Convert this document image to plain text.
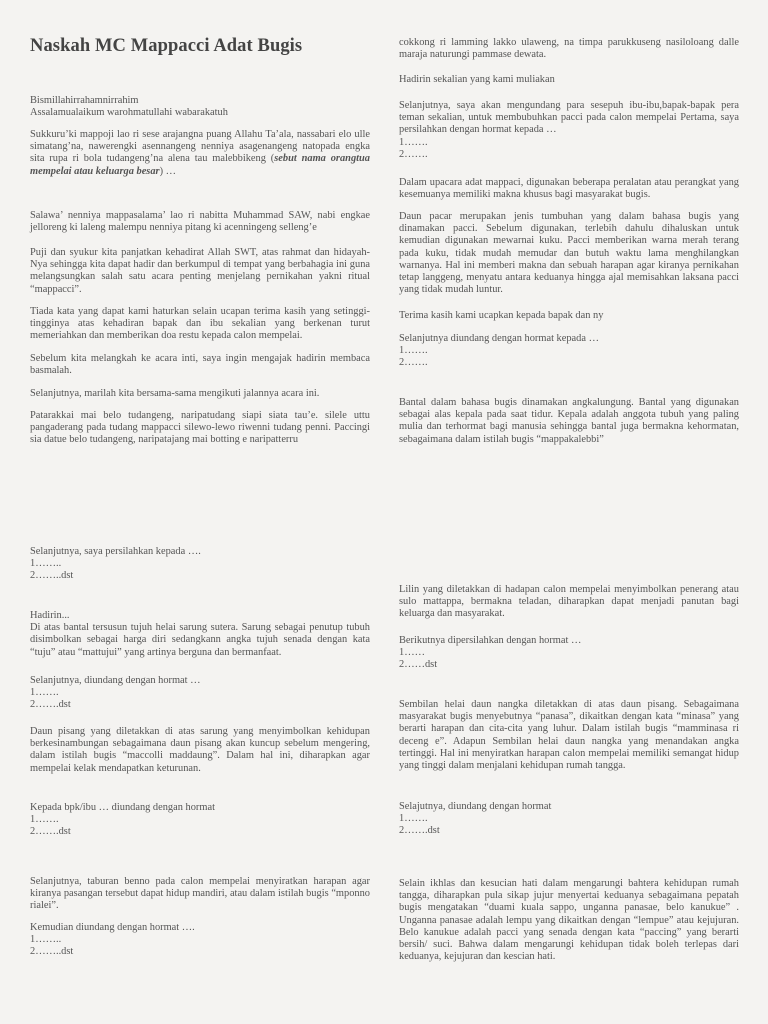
Naskah MC Mappacci Adat Bugis
Bismillahirrahamnirrahim
Assalamualaikum warohmatullahi wabarakatuh

Sukkuru’ki mappoji lao ri sese arajangna puang Allahu Ta’ala, nassabari elo ulle simatang’na, nawerengki asennangeng nenniya asagenangeng natopada engka sita rupa ri bola tudangeng’na alena tau malebbikeng (sebut nama orangtua mempelai atau keluarga besar) …

Salawa’ nenniya mappasalama’ lao ri nabitta Muhammad SAW, nabi engkae jelloreng ki laleng malempu nenniya pitang ki acenningeng selleng’e

Puji dan syukur kita panjatkan kehadirat Allah SWT, atas rahmat dan hidayah-Nya sehingga kita dapat hadir dan berkumpul di tempat yang berbahagia ini guna melangsungkan salah satu acara penting menjelang pernikahan yakni ritual “mappacci”.

Tiada kata yang dapat kami haturkan selain ucapan terima kasih yang setinggi-tingginya atas kehadiran bapak dan ibu sekalian yang berkenan turut memeriahkan dan memberikan doa restu kepada calon mempelai.

Sebelum kita melangkah ke acara inti, saya ingin mengajak hadirin membaca basmalah.

Selanjutnya, marilah kita bersama-sama mengikuti jalannya acara ini.

Patarakkai mai belo tudangeng, naripatudang siapi siata tau’e. silele uttu pangaderang pada tudang mappacci silewo-lewo riwenni tudang penni. Paccingi sia datue belo tudangeng, naripatajang mai botting e naripatterru

Selanjutnya, saya persilahkan kepada ….
1……..
2……..dst
Hadirin...
Di atas bantal tersusun tujuh helai sarung sutera. Sarung sebagai penutup tubuh disimbolkan sebagai harga diri sedangkann angka tujuh senada dengan kata “tuju” atau “mattujui” yang artinya berguna dan bermanfaat.
Selanjutnya, diundang dengan hormat …
1…….
2…….dst

Daun pisang yang diletakkan di atas sarung yang menyimbolkan kehidupan berkesinambungan sebagaimana daun pisang akan kuncup sebelum mengering, dalam istilah bugis “maccolli maddaung”. Dalam hal ini, diharapkan agar mempelai kelak mendapatkan keturunan.

Kepada bpk/ibu … diundang dengan hormat
1…….
2…….dst

Selanjutnya, taburan benno pada calon mempelai menyiratkan harapan agar kiranya pasangan tersebut dapat hidup mandiri, atau dalam istilah bugis “mponno rialei”.

Kemudian diundang dengan hormat ….
1……..
2……..dst

cokkong ri lamming lakko ulaweng, na timpa parukkuseng nasiloloang dalle maraja naturungi pammase dewata.

Hadirin sekalian yang kami muliakan

Selanjutnya, saya akan mengundang para sesepuh ibu-ibu,bapak-bapak pera teman sekalian, untuk membubuhkan pacci pada calon mempelai Pertama, saya persilahkan dengan hormat kepada …
1…….
2…….

Dalam upacara adat mappaci, digunakan beberapa peralatan atau perangkat yang kesemuanya memiliki makna khusus bagi masyarakat bugis.

Daun pacar merupakan jenis tumbuhan yang dalam bahasa bugis yang dinamakan pacci. Sebelum digunakan, terlebih dahulu dihaluskan untuk kemudian digunakan mewarnai kuku. Pacci memberikan warna merah terang pada kuku, tidak mudah memudar dan butuh waktu lama menghilangkan warnanya. Hal ini memberi makna dan sebuah harapan agar kiranya pernikahan tetap langgeng, menyatu antara keduanya hingga ajal memisahkan laksana pacci yang tidak mudah luntur.

Terima kasih kami ucapkan kepada bapak dan ny

Selanjutnya diundang dengan hormat kepada …
1…….
2…….

Bantal dalam bahasa bugis dinamakan angkalungung. Bantal yang digunakan sebagai alas kepala pada saat tidur. Kepala adalah anggota tubuh yang paling mulia dan terhormat bagi manusia sehingga bantal juga bermakna kehormatan, sebagaimana dalam istilah bugis “mappakalebbi”

Lilin yang diletakkan di hadapan calon mempelai menyimbolkan penerang atau sulo mattappa, bermakna teladan, diharapkan dapat menjadi panutan bagi keluarga dan masyarakat.

Berikutnya dipersilahkan dengan hormat …
1……
2……dst

Sembilan helai daun nangka diletakkan di atas daun pisang. Sebagaimana masyarakat bugis menyebutnya “panasa”, dikaitkan dengan kata “minasa” yang berarti harapan dan cita-cita yang luhur. Dalam istilah bugis “mamminasa ri deceng e”. Adapun Sembilan helai daun nangka yang menandakan angka tertinggi. Hal ini menyiratkan harapan calon mempelai memiliki semangat hidup yang tinggi dalam menjalani kehidupan rumah tangga.

Selajutnya, diundang dengan hormat
1…….
2…….dst

Selain ikhlas dan kesucian hati dalam mengarungi bahtera kehidupan rumah tangga, diharapkan pula sikap jujur menyertai keduanya sebagaimana pepatah bugis mengatakan “duami kuala sappo, unganna panasae, belo kanukue” . Unganna panasae adalah lempu yang dikaitkan dengan “lempue” atau kejujuran. Belo kanukue adalah pacci yang senada dengan kata “paccing” yang berarti bersih/ suci. Bahwa dalam mengarungi kehidupan tidak boleh terlepas dari keduanya, kejujuran dan kescian hati.
